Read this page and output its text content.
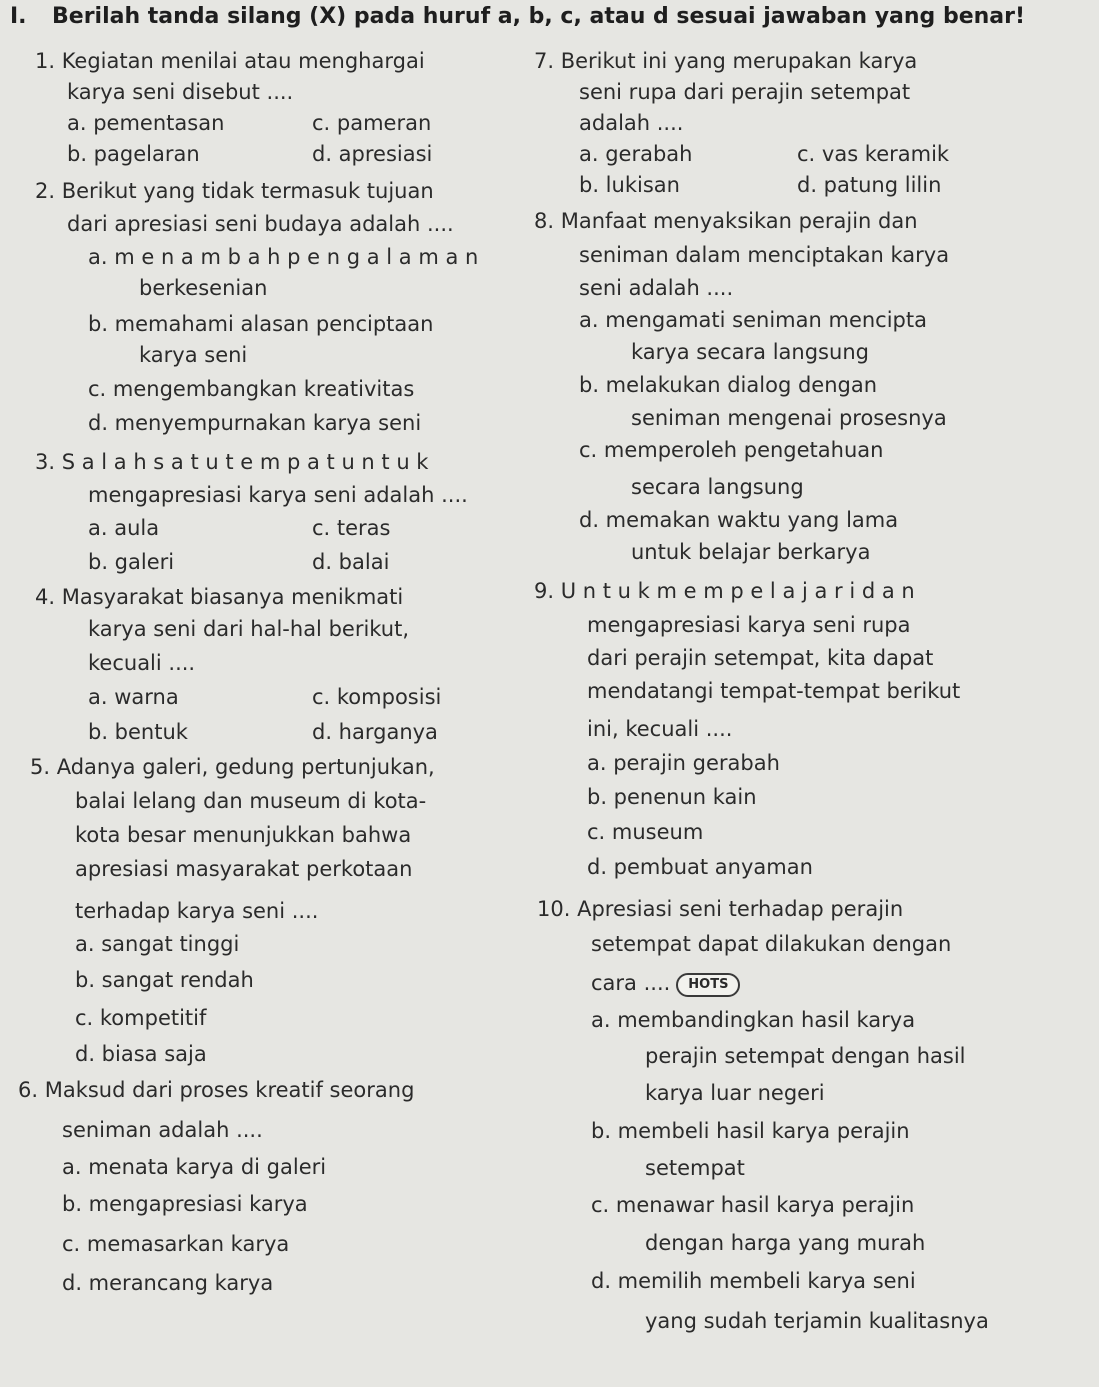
I. Berilah tanda silang (X) pada huruf a, b, c, atau d sesuai jawaban yang benar!
1. Kegiatan menilai atau menghargai
karya seni disebut ....
a. pementasan	c. pameran
b. pagelaran	d. apresiasi
2. Berikut yang tidak termasuk tujuan
dari apresiasi seni budaya adalah ....
a. m e n a m b a h p e n g a l a m a n
berkesenian
b. memahami alasan penciptaan
karya seni
c. mengembangkan kreativitas
d. menyempurnakan karya seni
3. S a l a h s a t u t e m p a t u n t u k
mengapresiasi karya seni adalah ....
a. aula	c. teras
b. galeri	d. balai
4. Masyarakat biasanya menikmati
karya seni dari hal-hal berikut,
kecuali ....
a. warna	c. komposisi
b. bentuk	d. harganya
5. Adanya galeri, gedung pertunjukan,
balai lelang dan museum di kota-
kota besar menunjukkan bahwa
apresiasi masyarakat perkotaan
terhadap karya seni ....
a. sangat tinggi
b. sangat rendah
c. kompetitif
d. biasa saja
6. Maksud dari proses kreatif seorang
seniman adalah ....
a. menata karya di galeri
b. mengapresiasi karya
c. memasarkan karya
d. merancang karya
7. Berikut ini yang merupakan karya
seni rupa dari perajin setempat
adalah ....
a. gerabah	c. vas keramik
b. lukisan	d. patung lilin
8. Manfaat menyaksikan perajin dan
seniman dalam menciptakan karya
seni adalah ....
a. mengamati seniman mencipta
karya secara langsung
b. melakukan dialog dengan
seniman mengenai prosesnya
c. memperoleh pengetahuan
secara langsung
d. memakan waktu yang lama
untuk belajar berkarya
9. U n t u k m e m p e l a j a r i d a n
mengapresiasi karya seni rupa
dari perajin setempat, kita dapat
mendatangi tempat-tempat berikut
ini, kecuali ....
a. perajin gerabah
b. penenun kain
c. museum
d. pembuat anyaman
10. Apresiasi seni terhadap perajin
setempat dapat dilakukan dengan
cara .... HOTS
a. membandingkan hasil karya
perajin setempat dengan hasil
karya luar negeri
b. membeli hasil karya perajin
setempat
c. menawar hasil karya perajin
dengan harga yang murah
d. memilih membeli karya seni
yang sudah terjamin kualitasnya
